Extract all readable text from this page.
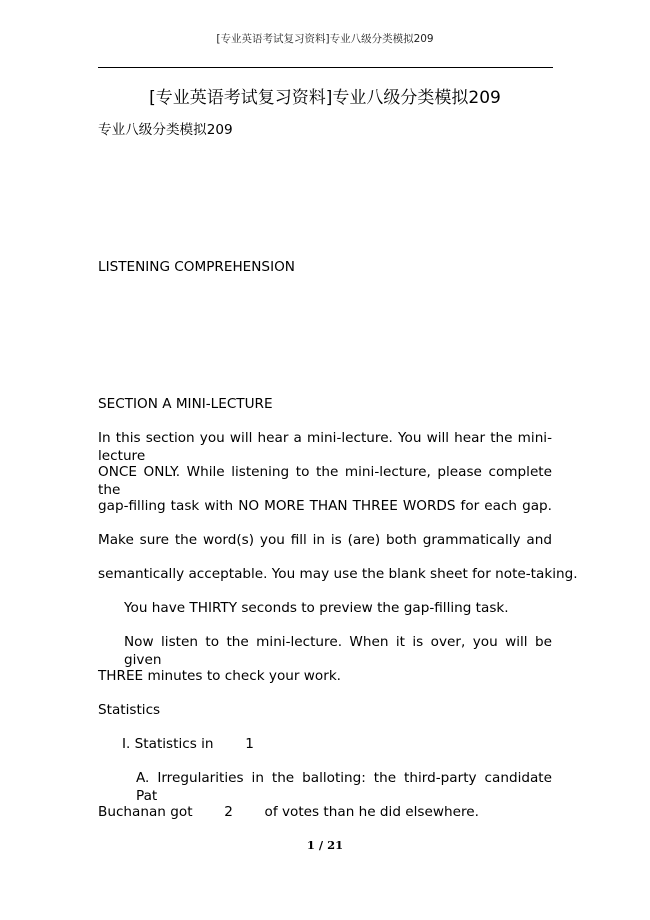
[专业英语考试复习资料]专业八级分类模拟209
[专业英语考试复习资料]专业八级分类模拟209
专业八级分类模拟209
LISTENING COMPREHENSION
SECTION A MINI-LECTURE
In this section you will hear a mini-lecture. You will hear the mini-lecture
ONCE ONLY. While listening to the mini-lecture, please complete the
gap-filling task with NO MORE THAN THREE WORDS for each gap.
Make sure the word(s) you fill in is (are) both grammatically and
semantically acceptable. You may use the blank sheet for note-taking.
You have THIRTY seconds to preview the gap-filling task.
Now listen to the mini-lecture. When it is over, you will be given
THREE minutes to check your work.
Statistics
Ⅰ. Statistics in 1
A. Irregularities in the balloting: the third-party candidate Pat
Buchanan got 2 of votes than he did elsewhere.
1 / 21
